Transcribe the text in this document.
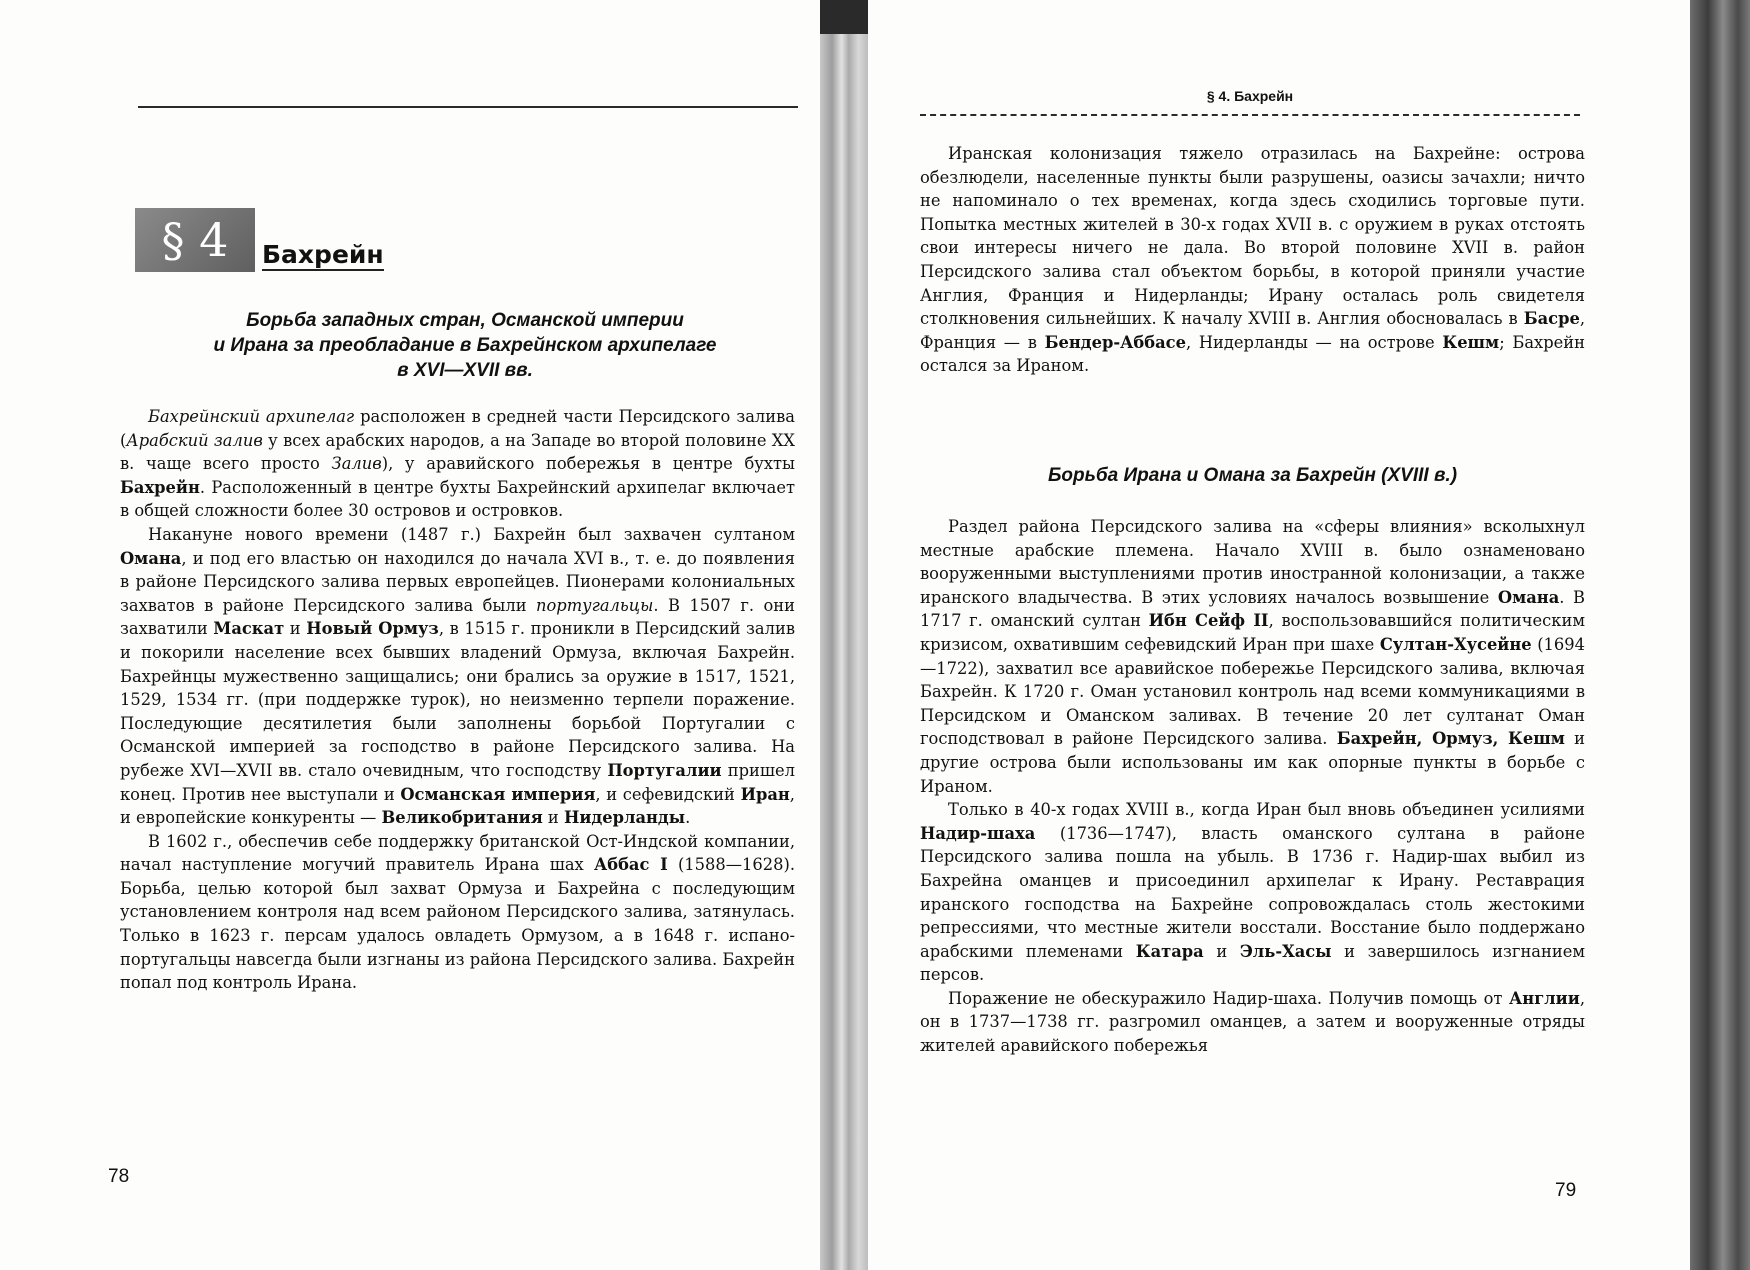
§ 4	Бахрейн
Борьба западных стран, Османской империи
и Ирана за преобладание в Бахрейнском архипелаге
в XVI—XVII вв.

Бахрейнский архипелаг расположен в средней части Персидского залива (Арабский залив у всех арабских народов, а на Западе во второй половине XX в. чаще всего просто Залив), у аравийского побережья в центре бухты Бахрейн. Расположенный в центре бухты Бахрейнский архипелаг включает в общей сложности более 30 островов и островков.

Накануне нового времени (1487 г.) Бахрейн был захвачен султаном Омана, и под его властью он находился до начала XVI в., т. е. до появления в районе Персидского залива первых европейцев. Пионерами колониальных захватов в районе Персидского залива были португальцы. В 1507 г. они захватили Маскат и Новый Ормуз, в 1515 г. проникли в Персидский залив и покорили население всех бывших владений Ормуза, включая Бахрейн. Бахрейнцы мужественно защищались; они брались за оружие в 1517, 1521, 1529, 1534 гг. (при поддержке турок), но неизменно терпели поражение. Последующие десятилетия были заполнены борьбой Португалии с Османской империей за господство в районе Персидского залива. На рубеже XVI—XVII вв. стало очевидным, что господству Португалии пришел конец. Против нее выступали и Османская империя, и сефевидский Иран, и европейские конкуренты — Великобритания и Нидерланды.

В 1602 г., обеспечив себе поддержку британской Ост-Индской компании, начал наступление могучий правитель Ирана шах Аббас I (1588—1628). Борьба, целью которой был захват Ормуза и Бахрейна с последующим установлением контроля над всем районом Персидского залива, затянулась. Только в 1623 г. персам удалось овладеть Ормузом, а в 1648 г. испано-португальцы навсегда были изгнаны из района Персидского залива. Бахрейн попал под контроль Ирана.

78
§ 4. Бахрейн

Иранская колонизация тяжело отразилась на Бахрейне: острова обезлюдели, населенные пункты были разрушены, оазисы зачахли; ничто не напоминало о тех временах, когда здесь сходились торговые пути. Попытка местных жителей в 30-х годах XVII в. с оружием в руках отстоять свои интересы ничего не дала. Во второй половине XVII в. район Персидского залива стал объектом борьбы, в которой приняли участие Англия, Франция и Нидерланды; Ирану осталась роль свидетеля столкновения сильнейших. К началу XVIII в. Англия обосновалась в Басре, Франция — в Бендер-Аббасе, Нидерланды — на острове Кешм; Бахрейн остался за Ираном.

Борьба Ирана и Омана за Бахрейн (XVIII в.)

Раздел района Персидского залива на «сферы влияния» всколыхнул местные арабские племена. Начало XVIII в. было ознаменовано вооруженными выступлениями против иностранной колонизации, а также иранского владычества. В этих условиях началось возвышение Омана. В 1717 г. оманский султан Ибн Сейф II, воспользовавшийся политическим кризисом, охватившим сефевидский Иран при шахе Султан-Хусейне (1694—1722), захватил все аравийское побережье Персидского залива, включая Бахрейн. К 1720 г. Оман установил контроль над всеми коммуникациями в Персидском и Оманском заливах. В течение 20 лет султанат Оман господствовал в районе Персидского залива. Бахрейн, Ормуз, Кешм и другие острова были использованы им как опорные пункты в борьбе с Ираном.

Только в 40-х годах XVIII в., когда Иран был вновь объединен усилиями Надир-шаха (1736—1747), власть оманского султана в районе Персидского залива пошла на убыль. В 1736 г. Надир-шах выбил из Бахрейна оманцев и присоединил архипелаг к Ирану. Реставрация иранского господства на Бахрейне сопровождалась столь жестокими репрессиями, что местные жители восстали. Восстание было поддержано арабскими племенами Катара и Эль-Хасы и завершилось изгнанием персов.

Поражение не обескуражило Надир-шаха. Получив помощь от Англии, он в 1737—1738 гг. разгромил оманцев, а затем и вооруженные отряды жителей аравийского побережья

79
